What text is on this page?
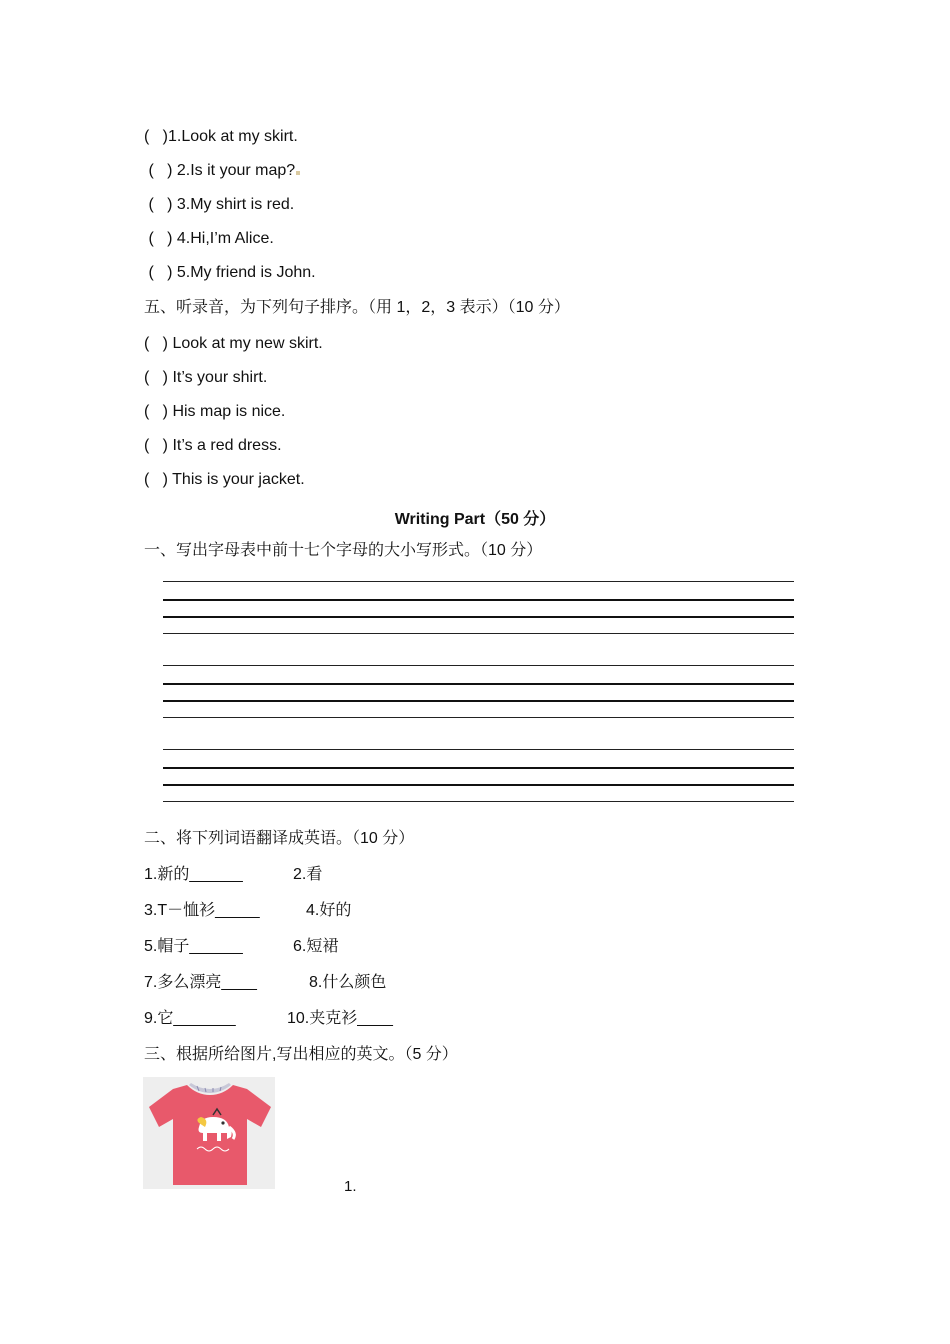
(   )1.Look at my skirt.
(   ) 2.Is it your map?
(   ) 3.My shirt is red.
(   ) 4.Hi,I’m Alice.
(   ) 5.My friend is John.
五、听录音，为下列句子排序。（用 1，2，3 表示）（10 分）
(   ) Look at my new skirt.
(   ) It’s your shirt.
(   ) His map is nice.
(   ) It’s a red dress.
(   ) This is your jacket.
Writing Part（50 分）
一、写出字母表中前十七个字母的大小写形式。（10 分）
二、将下列词语翻译成英语。（10 分）
1.新的______	2.看
3.T－恤衫_____	4.好的
5.帽子______	6.短裙
7.多么漂亮____	8.什么颜色
9.它_______	10.夹克衫____
三、根据所给图片,写出相应的英文。（5 分）
1.
